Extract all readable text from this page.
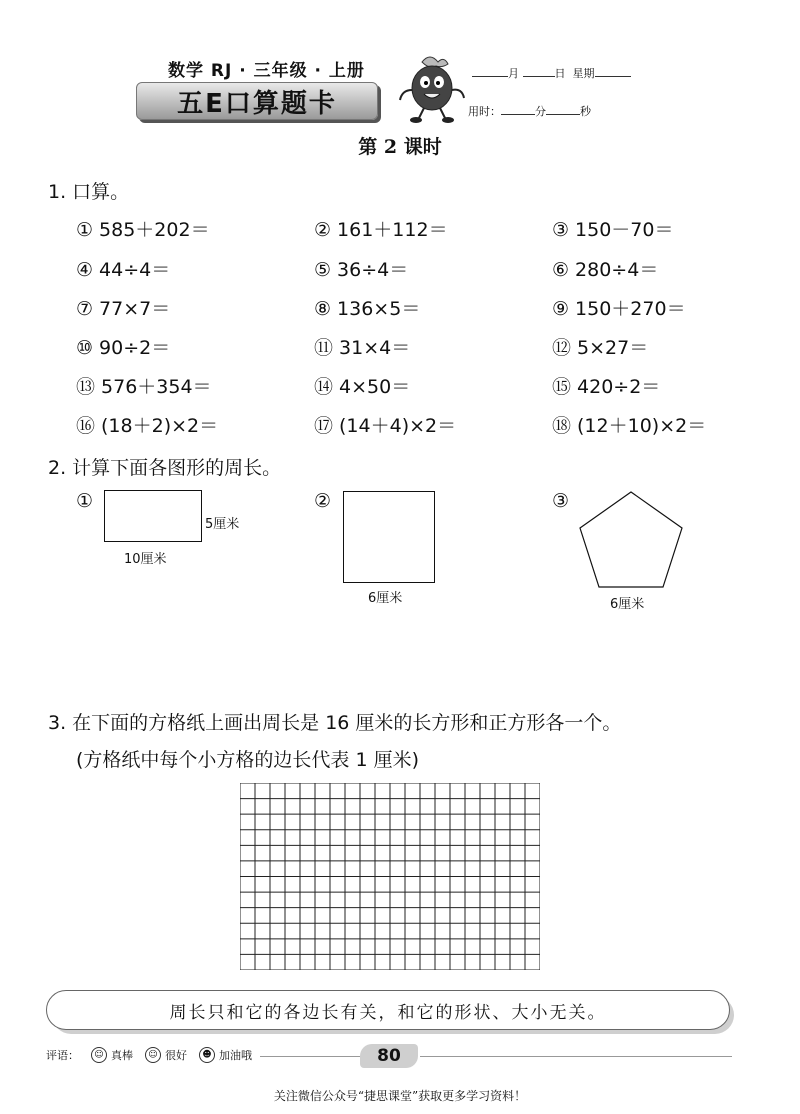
数学 RJ · 三年级 · 上册
五E口算题卡
月	日 星期
用时：	分	秒
第 2 课时
1. 口算。
① 585＋202＝	② 161＋112＝	③ 150－70＝
④ 44÷4＝	⑤ 36÷4＝	⑥ 280÷4＝
⑦ 77×7＝	⑧ 136×5＝	⑨ 150＋270＝
⑩ 90÷2＝	⑪ 31×4＝	⑫ 5×27＝
⑬ 576＋354＝	⑭ 4×50＝	⑮ 420÷2＝
⑯ (18＋2)×2＝	⑰ (14＋4)×2＝	⑱ (12＋10)×2＝
2. 计算下面各图形的周长。
①
5厘米
10厘米
②
6厘米
③
6厘米
3. 在下面的方格纸上画出周长是 16 厘米的长方形和正方形各一个。
(方格纸中每个小方格的边长代表 1 厘米)
周长只和它的各边长有关，和它的形状、大小无关。
评语：	☺ 真棒	☺ 很好	☻ 加油哦	80
关注微信公众号“捷思课堂”获取更多学习资料！
